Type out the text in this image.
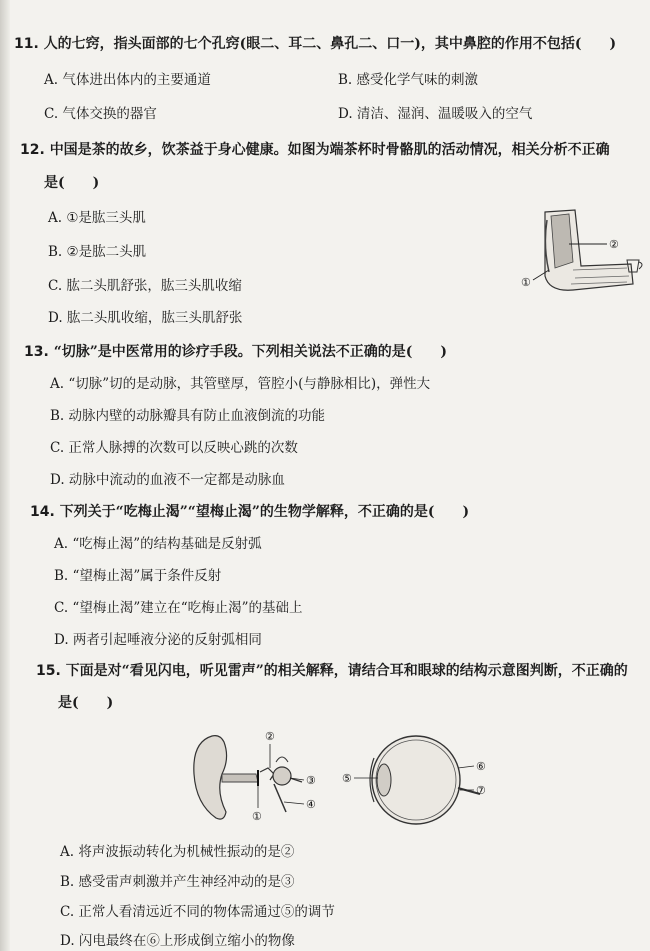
11. 人的七窍，指头面部的七个孔窍(眼二、耳二、鼻孔二、口一)，其中鼻腔的作用不包括(　　)
A. 气体进出体内的主要通道	B. 感受化学气味的刺激
C. 气体交换的器官	D. 清洁、湿润、温暖吸入的空气
12. 中国是茶的故乡，饮茶益于身心健康。如图为端茶杯时骨骼肌的活动情况，相关分析不正确
是(　　)
A. ①是肱三头肌
B. ②是肱二头肌
C. 肱二头肌舒张，肱三头肌收缩
D. 肱二头肌收缩，肱三头肌舒张
②
①
13. “切脉”是中医常用的诊疗手段。下列相关说法不正确的是(　　)
A. “切脉”切的是动脉，其管壁厚，管腔小(与静脉相比)，弹性大
B. 动脉内壁的动脉瓣具有防止血液倒流的功能
C. 正常人脉搏的次数可以反映心跳的次数
D. 动脉中流动的血液不一定都是动脉血
14. 下列关于“吃梅止渴”“望梅止渴”的生物学解释，不正确的是(　　)
A. “吃梅止渴”的结构基础是反射弧
B. “望梅止渴”属于条件反射
C. “望梅止渴”建立在“吃梅止渴”的基础上
D. 两者引起唾液分泌的反射弧相同
15. 下面是对“看见闪电，听见雷声”的相关解释，请结合耳和眼球的结构示意图判断，不正确的
是(　　)
①
②
③
④
⑤
⑥
⑦
A. 将声波振动转化为机械性振动的是②
B. 感受雷声刺激并产生神经冲动的是③
C. 正常人看清远近不同的物体需通过⑤的调节
D. 闪电最终在⑥上形成倒立缩小的物像
